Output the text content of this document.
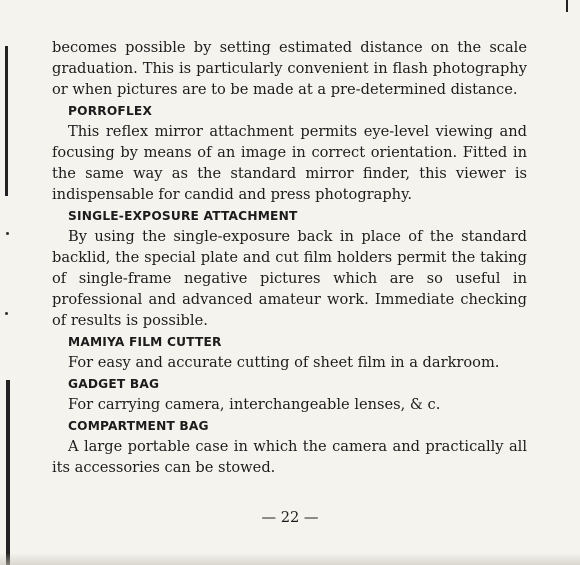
becomes possible by setting estimated distance on the scale graduation. This is particularly convenient in flash photography or when pictures are to be made at a pre-determined distance.

PORROFLEX

This reflex mirror attachment permits eye-level viewing and focusing by means of an image in correct orientation. Fitted in the same way as the standard mirror finder, this viewer is indispensable for candid and press photography.

SINGLE-EXPOSURE ATTACHMENT

By using the single-exposure back in place of the standard backlid, the special plate and cut film holders permit the taking of single-frame negative pictures which are so useful in professional and advanced amateur work. Immediate checking of results is possible.

MAMIYA FILM CUTTER

For easy and accurate cutting of sheet film in a darkroom.

GADGET BAG

For carrying camera, interchangeable lenses, & c.

COMPARTMENT BAG

A large portable case in which the camera and practically all its accessories can be stowed.

— 22 —
